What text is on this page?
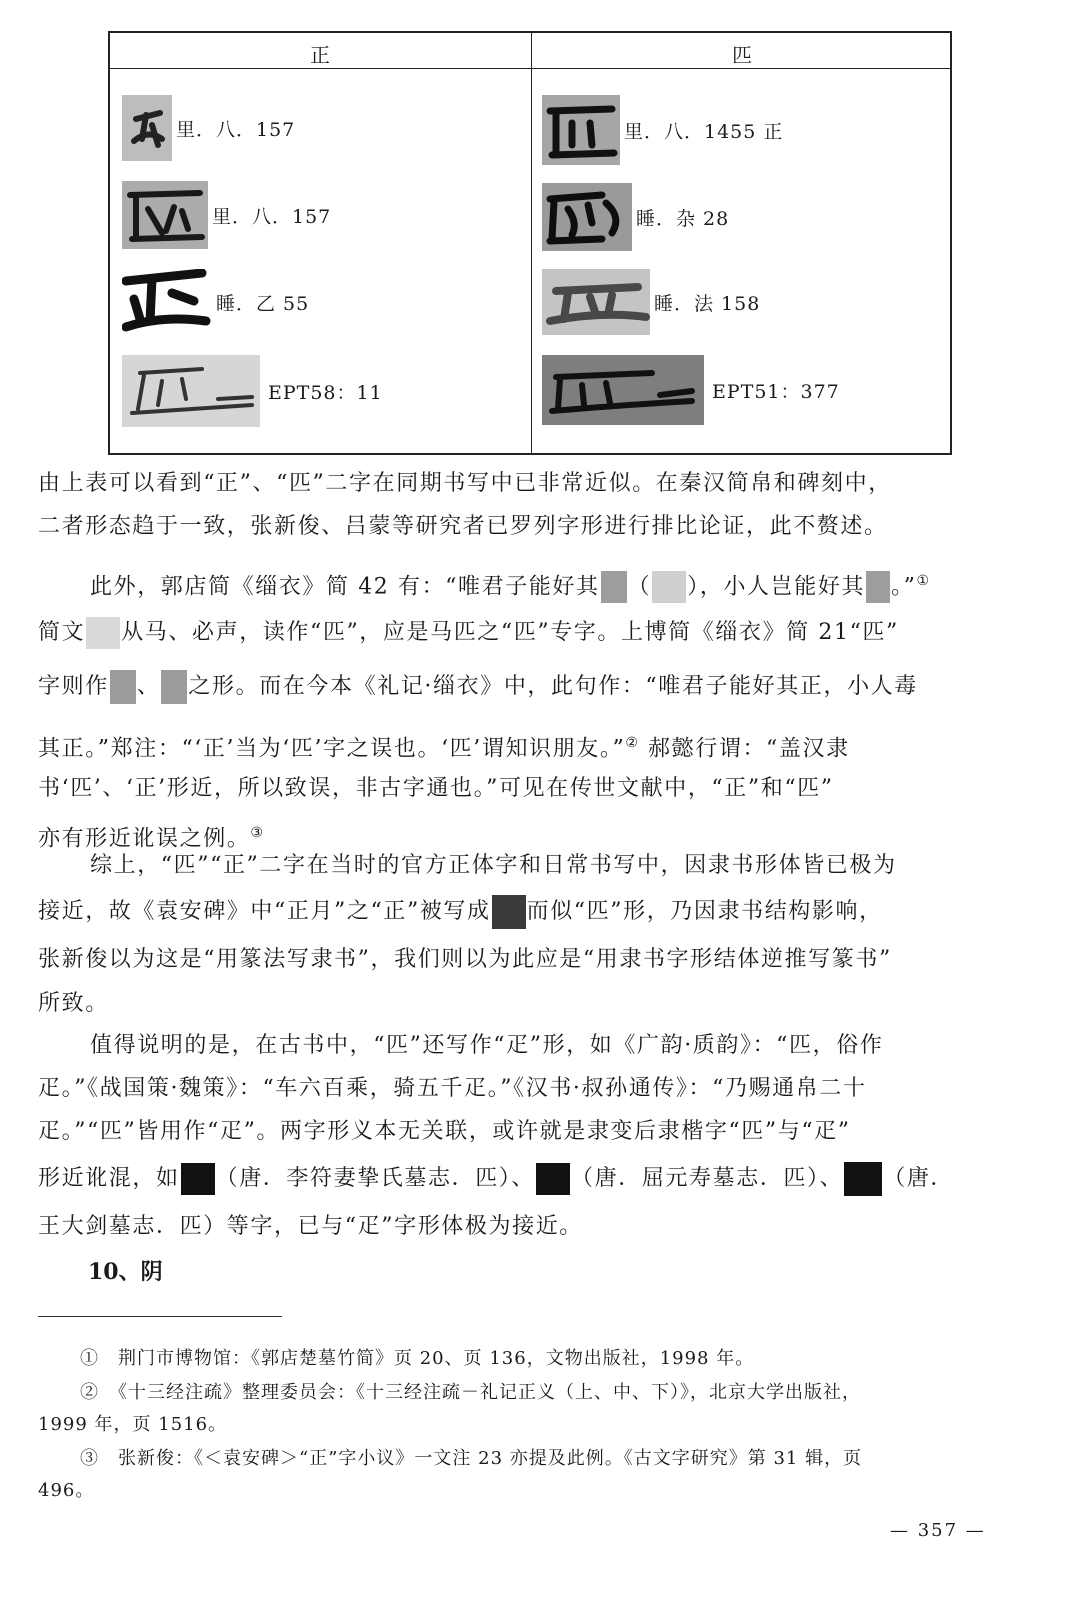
正	匹
里．八．157
里．八．157
睡．乙 55
EPT58：11
里．八．1455 正
睡．杂 28
睡．法 158
EPT51：377
由上表可以看到“正”、“匹”二字在同期书写中已非常近似。在秦汉简帛和碑刻中，
二者形态趋于一致，张新俊、吕蒙等研究者已罗列字形进行排比论证，此不赘述。
此外，郭店简《缁衣》简 42 有：“唯君子能好其 （ ），小人岂能好其 。”①
简文 从马、必声，读作“匹”，应是马匹之“匹”专字。上博简《缁衣》简 21“匹”
字则作 、 之形。而在今本《礼记·缁衣》中，此句作：“唯君子能好其正，小人毒
其正。”郑注：“‘正’当为‘匹’字之误也。‘匹’谓知识朋友。”② 郝懿行谓：“盖汉隶
书‘匹’、‘正’形近，所以致误，非古字通也。”可见在传世文献中，“正”和“匹”
亦有形近讹误之例。③
综上，“匹”“正”二字在当时的官方正体字和日常书写中，因隶书形体皆已极为
接近，故《袁安碑》中“正月”之“正”被写成 而似“匹”形，乃因隶书结构影响，
张新俊以为这是“用篆法写隶书”，我们则以为此应是“用隶书字形结体逆推写篆书”
所致。
值得说明的是，在古书中，“匹”还写作“疋”形，如《广韵·质韵》：“匹，俗作
疋。”《战国策·魏策》：“车六百乘，骑五千疋。”《汉书·叔孙通传》：“乃赐通帛二十
疋。”“匹”皆用作“疋”。两字形义本无关联，或许就是隶变后隶楷字“匹”与“疋”
形近讹混，如 （唐．李符妻挚氏墓志．匹）、 （唐．屈元寿墓志．匹）、 （唐．
王大剑墓志．匹）等字，已与“疋”字形体极为接近。
10、阴
①　荆门市博物馆：《郭店楚墓竹简》页 20、页 136，文物出版社，1998 年。
②　《十三经注疏》整理委员会：《十三经注疏－礼记正义（上、中、下）》，北京大学出版社，
1999 年，页 1516。
③　张新俊：《＜袁安碑＞“正”字小议》一文注 23 亦提及此例。《古文字研究》第 31 辑，页
496。
— 357 —
